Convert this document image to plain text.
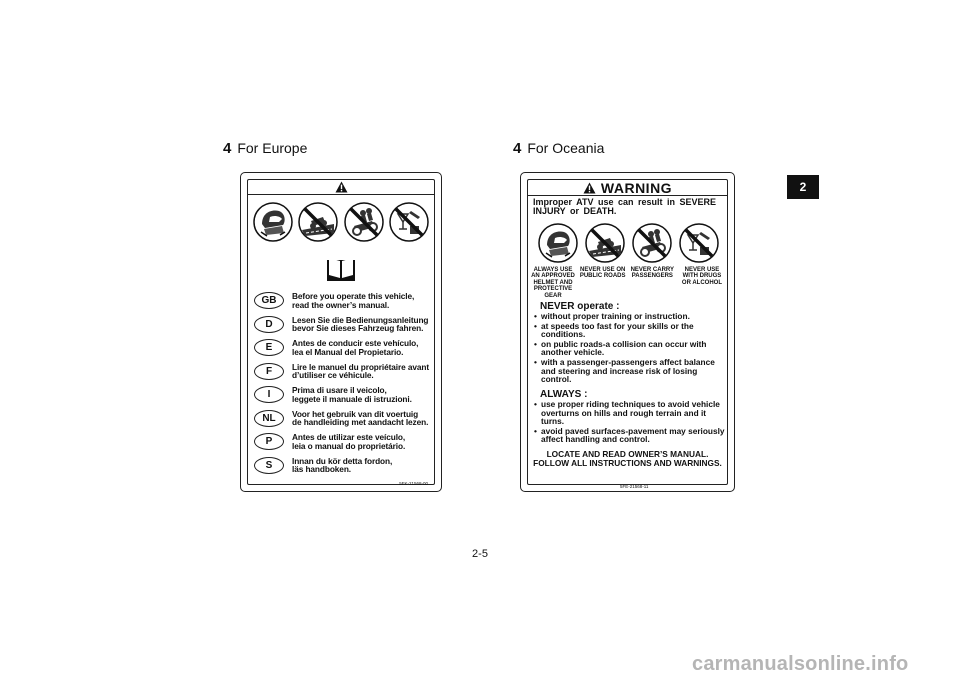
4 For Europe	4 For Oceania
2
GB	Before you operate this vehicle,
read the owner’s manual.
D	Lesen Sie die Bedienungsanleitung
bevor Sie dieses Fahrzeug fahren.
E	Antes de conducir este vehículo,
lea el Manual del Propietario.
F	Lire le manuel du propriétaire avant
d’utiliser ce véhicule.
I	Prima di usare il veicolo,
leggete il manuale di istruzioni.
NL	Voor het gebruik van dit voertuig
de handleiding met aandacht lezen.
P	Antes de utilizar este veículo,
leia o manual do proprietário.
S	Innan du kör detta fordon,
läs handboken.
5FK-21568-00
WARNING
Improper ATV use can result in SEVERE INJURY or DEATH.
ALWAYS USE AN APPROVED HELMET AND PROTECTIVE GEAR
NEVER USE ON PUBLIC ROADS
NEVER CARRY PASSENGERS
NEVER USE WITH DRUGS OR ALCOHOL
NEVER operate :
• without proper training or instruction.
• at speeds too fast for your skills or the conditions.
• on public roads-a collision can occur with another vehicle.
• with a passenger-passengers affect balance and steering and increase risk of losing control.
ALWAYS :
• use proper riding techniques to avoid vehicle overturns on hills and rough terrain and it turns.
• avoid paved surfaces-pavement may seriously affect handling and control.
LOCATE AND READ OWNER’S MANUAL.
FOLLOW ALL INSTRUCTIONS AND WARNINGS.
5FE-21568-11
2-5
carmanualsonline.info
